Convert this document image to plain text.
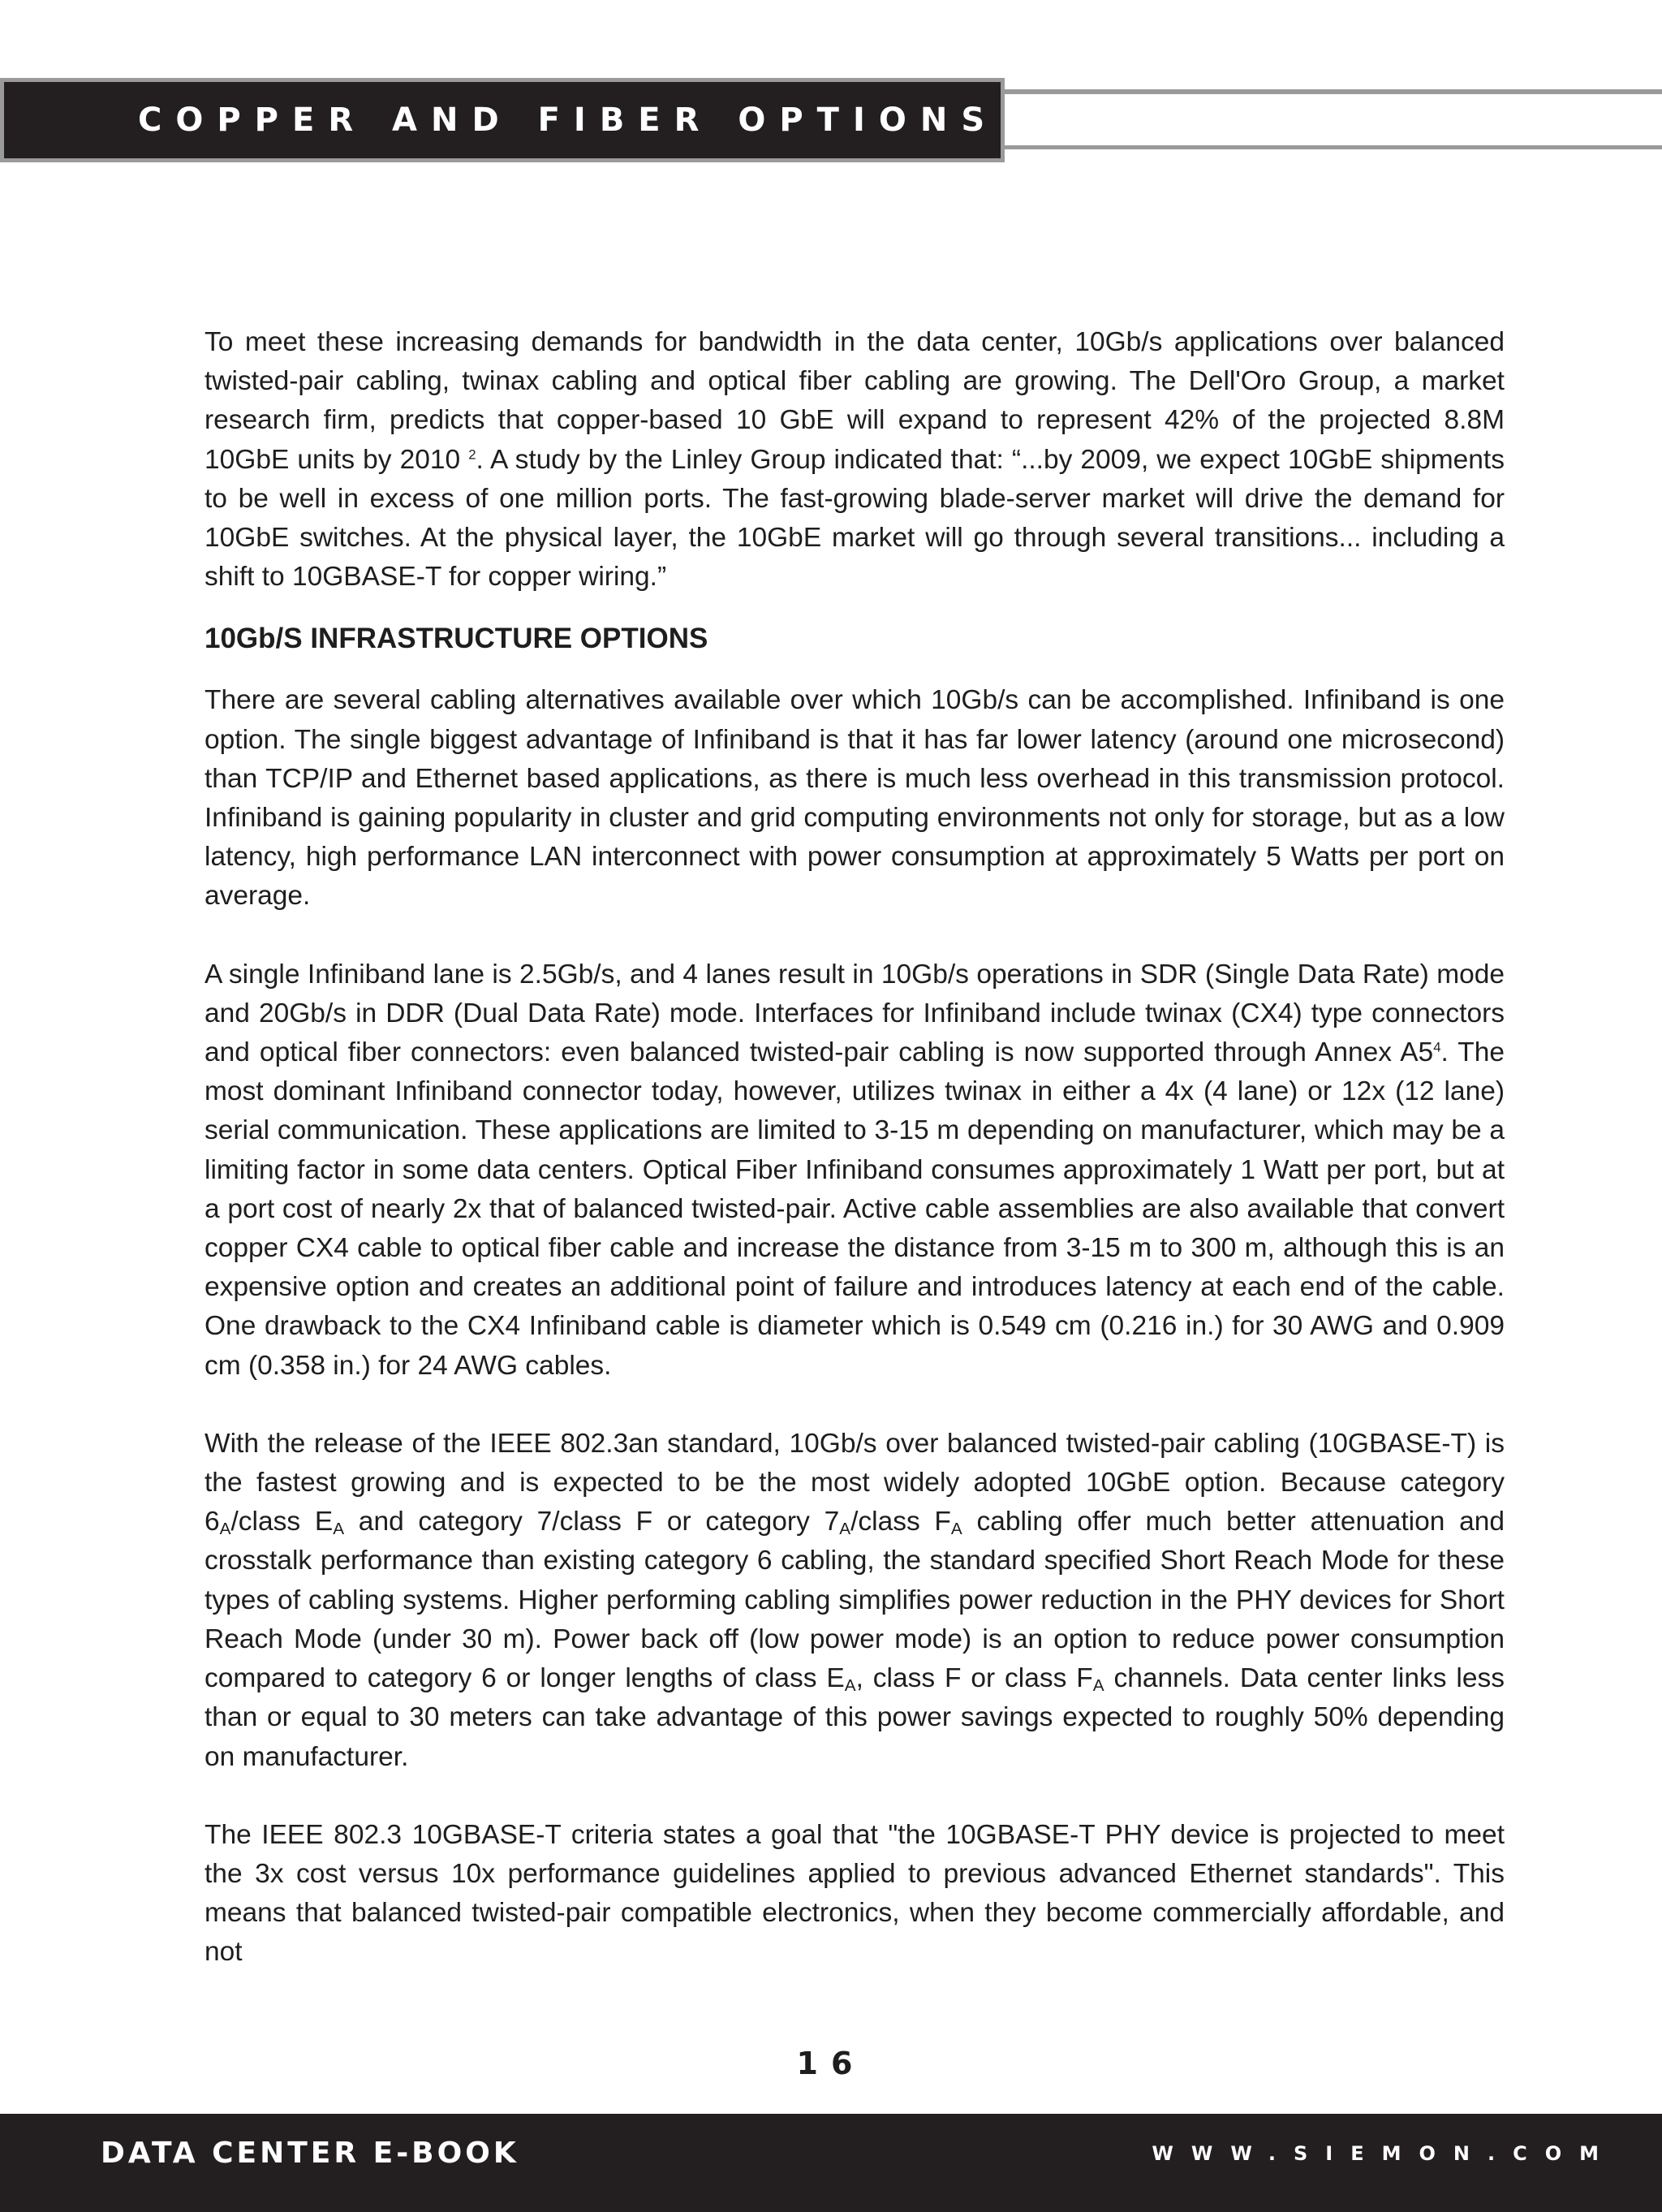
COPPER AND FIBER OPTIONS

To meet these increasing demands for bandwidth in the data center, 10Gb/s applications over balanced twisted-pair cabling, twinax cabling and optical fiber cabling are growing. The Dell'Oro Group, a market research firm, predicts that copper-based 10 GbE will expand to represent 42% of the projected 8.8M 10GbE units by 2010 $^2$. A study by the Linley Group indicated that: “...by 2009, we expect 10GbE shipments to be well in excess of one million ports. The fast-growing blade-server market will drive the demand for 10GbE switches. At the physical layer, the 10GbE market will go through several transitions... including a shift to 10GBASE-T for copper wiring.”

10Gb/S INFRASTRUCTURE OPTIONS

There are several cabling alternatives available over which 10Gb/s can be accomplished. Infiniband is one option. The single biggest advantage of Infiniband is that it has far lower latency (around one microsecond) than TCP/IP and Ethernet based applications, as there is much less overhead in this transmission protocol. Infiniband is gaining popularity in cluster and grid computing environments not only for storage, but as a low latency, high performance LAN interconnect with power consumption at approximately 5 Watts per port on average.

A single Infiniband lane is 2.5Gb/s, and 4 lanes result in 10Gb/s operations in SDR (Single Data Rate) mode and 20Gb/s in DDR (Dual Data Rate) mode. Interfaces for Infiniband include twinax (CX4) type connectors and optical fiber connectors: even balanced twisted-pair cabling is now supported through Annex $A5^4$. The most dominant Infiniband connector today, however, utilizes twinax in either a 4x (4 lane) or 12x (12 lane) serial communication. These applications are limited to 3-15 m depending on manufacturer, which may be a limiting factor in some data centers. Optical Fiber Infiniband consumes approximately 1 Watt per port, but at a port cost of nearly 2x that of balanced twisted-pair. Active cable assemblies are also available that convert copper CX4 cable to optical fiber cable and increase the distance from 3-15 m to 300 m, although this is an expensive option and creates an additional point of failure and introduces latency at each end of the cable. One drawback to the CX4 Infiniband cable is diameter which is 0.549 cm (0.216 in.) for 30 AWG and 0.909 cm (0.358 in.) for 24 AWG cables.

With the release of the IEEE 802.3an standard, 10Gb/s over balanced twisted-pair cabling (10GBASE-T) is the fastest growing and is expected to be the most widely adopted 10GbE option. Because category $6_A$/class $E_A$ and category 7/class F or category $7_A$/class $F_A$ cabling offer much better attenuation and crosstalk performance than existing category 6 cabling, the standard specified Short Reach Mode for these types of cabling systems. Higher performing cabling simplifies power reduction in the PHY devices for Short Reach Mode (under 30 m). Power back off (low power mode) is an option to reduce power consumption compared to category 6 or longer lengths of class $E_A$, class F or class $F_A$ channels. Data center links less than or equal to 30 meters can take advantage of this power savings expected to roughly 50% depending on manufacturer.

The IEEE 802.3 10GBASE-T criteria states a goal that "the 10GBASE-T PHY device is projected to meet the 3x cost versus 10x performance guidelines applied to previous advanced Ethernet standards". This means that balanced twisted-pair compatible electronics, when they become commercially affordable, and not

16
DATA CENTER E-BOOK	WWW.SIEMON.COM
